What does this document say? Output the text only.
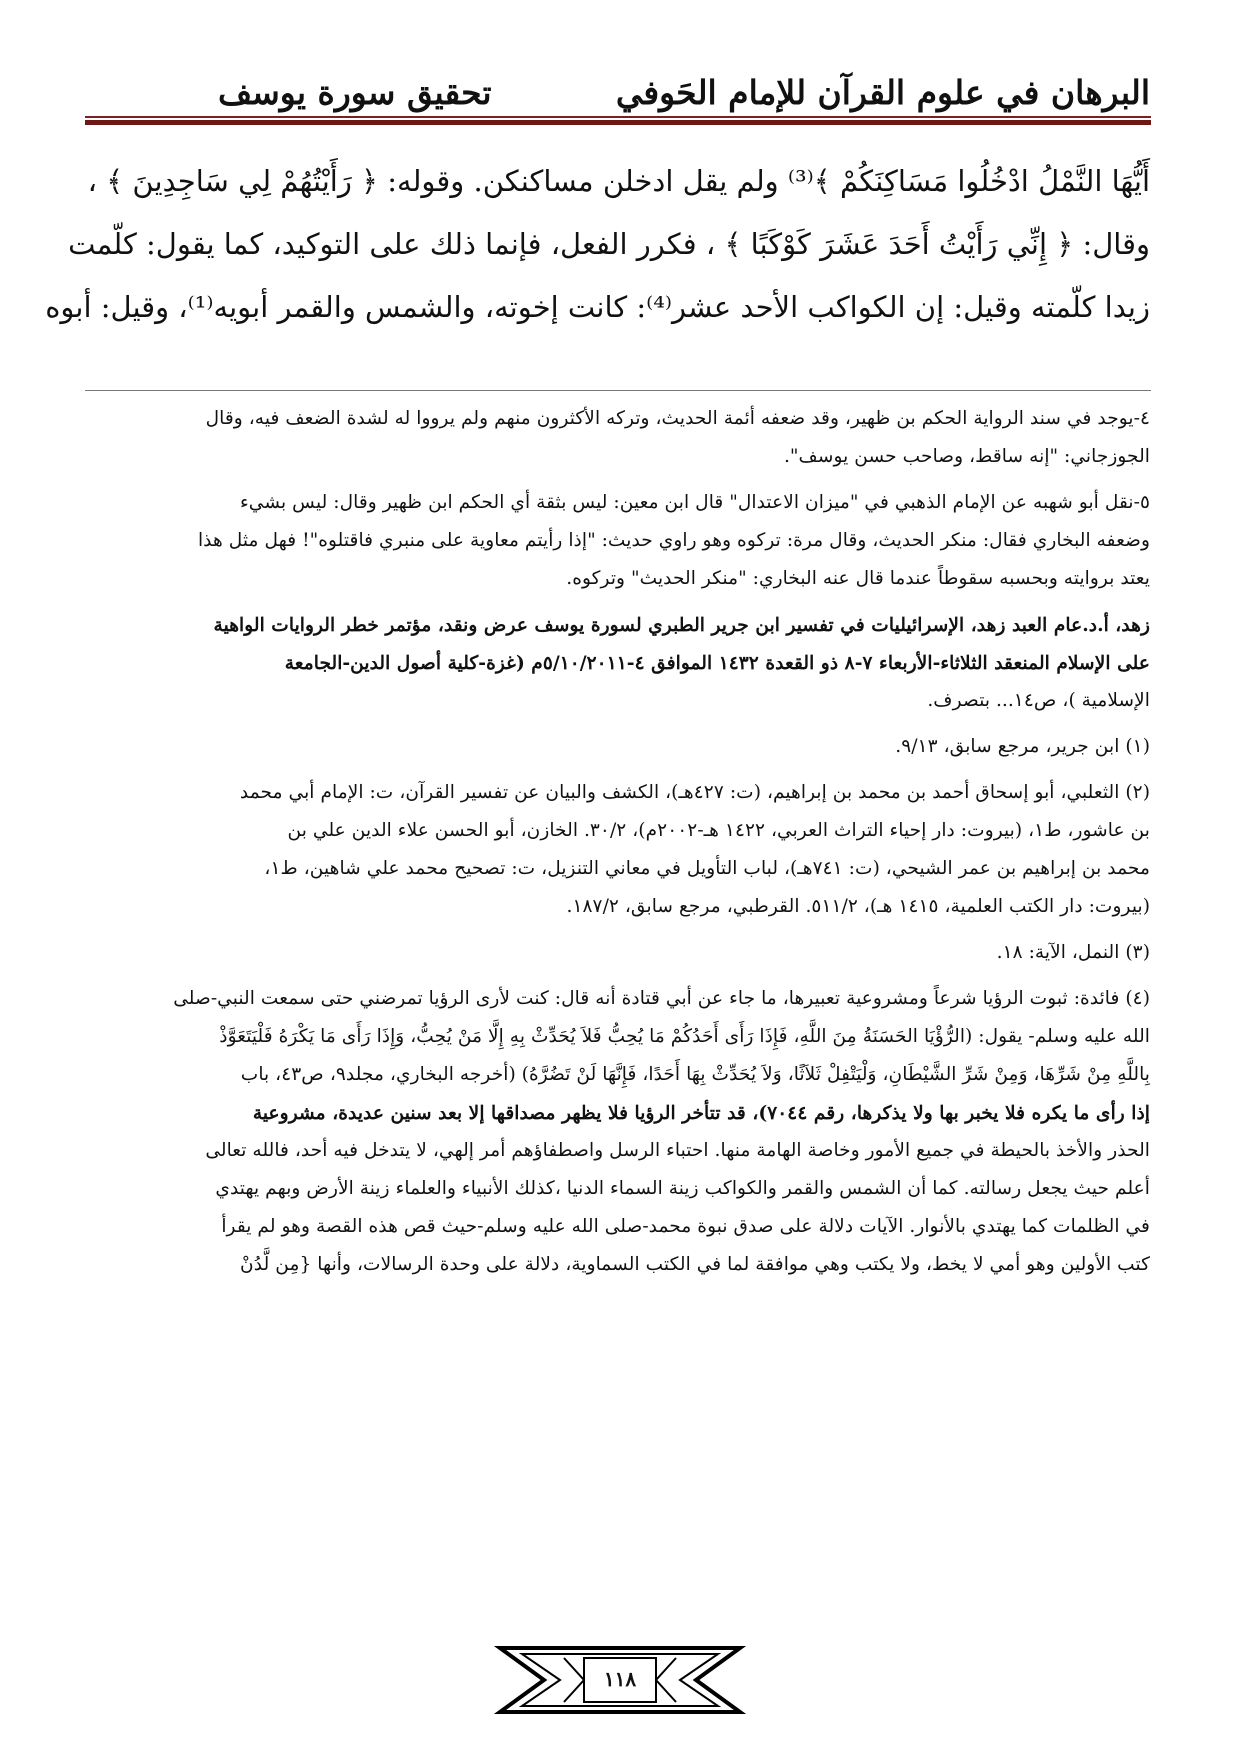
البرهان في علوم القرآن للإمام الحَوفي
تحقيق سورة يوسف
أَيُّهَا النَّمْلُ ادْخُلُوا مَسَاكِنَكُمْ ﴾⁽³⁾ ولم يقل ادخلن مساكنكن. وقوله: ﴿ رَأَيْتُهُمْ لِي سَاجِدِينَ ﴾ ،
وقال: ﴿ إِنِّي رَأَيْتُ أَحَدَ عَشَرَ كَوْكَبًا ﴾ ، فكرر الفعل، فإنما ذلك على التوكيد، كما يقول: كلّمت
زيدا كلّمته وقيل: إن الكواكب الأحد عشر⁽⁴⁾: كانت إخوته، والشمس والقمر أبويه⁽¹⁾، وقيل: أبوه
٤-يوجد في سند الرواية الحكم بن ظهير، وقد ضعفه أئمة الحديث، وتركه الأكثرون منهم ولم يرووا له لشدة الضعف فيه، وقال
الجوزجاني: "إنه ساقط، وصاحب حسن يوسف".
٥-نقل أبو شهبه عن الإمام الذهبي في "ميزان الاعتدال" قال ابن معين: ليس بثقة أي الحكم ابن ظهير وقال: ليس بشيء
وضعفه البخاري فقال: منكر الحديث، وقال مرة: تركوه وهو راوي حديث: "إذا رأيتم معاوية على منبري فاقتلوه"! فهل مثل هذا
يعتد بروايته وبحسبه سقوطاً عندما قال عنه البخاري: "منكر الحديث" وتركوه.
زهد، أ.د.عام العبد زهد، الإسرائيليات في تفسير ابن جرير الطبري لسورة يوسف عرض ونقد، مؤتمر خطر الروايات الواهية
على الإسلام المنعقد الثلاثاء-الأربعاء ٧-٨ ذو القعدة ١٤٣٢ الموافق ٤-٥/١٠/٢٠١١م (غزة-كلية أصول الدين-الجامعة
الإسلامية )، ص١٤... بتصرف.
(١) ابن جرير، مرجع سابق، ٩/١٣.
(٢) الثعلبي، أبو إسحاق أحمد بن محمد بن إبراهيم، (ت: ٤٢٧هـ)، الكشف والبيان عن تفسير القرآن، ت: الإمام أبي محمد
بن عاشور، ط١، (بيروت: دار إحياء التراث العربي، ١٤٢٢ هـ-٢٠٠٢م)، ٣٠/٢. الخازن، أبو الحسن علاء الدين علي بن
محمد بن إبراهيم بن عمر الشيحي، (ت: ٧٤١هـ)، لباب التأويل في معاني التنزيل، ت: تصحيح محمد علي شاهين، ط١،
(بيروت: دار الكتب العلمية، ١٤١٥ هـ)، ٥١١/٢. القرطبي، مرجع سابق، ١٨٧/٢.
(٣) النمل، الآية: ١٨.
(٤) فائدة: ثبوت الرؤيا شرعاً ومشروعية تعبيرها، ما جاء عن أبي قتادة أنه قال: كنت لأرى الرؤيا تمرضني حتى سمعت النبي-صلى
الله عليه وسلم- يقول: (الرُّؤْيَا الحَسَنَةُ مِنَ اللَّهِ، فَإِذَا رَأَى أَحَدُكُمْ مَا يُحِبُّ فَلاَ يُحَدِّثْ بِهِ إِلَّا مَنْ يُحِبُّ، وَإِذَا رَأَى مَا يَكْرَهُ فَلْيَتَعَوَّذْ
بِاللَّهِ مِنْ شَرِّهَا، وَمِنْ شَرِّ الشَّيْطَانِ، وَلْيَتْفِلْ ثَلاَثًا، وَلاَ يُحَدِّثْ بِهَا أَحَدًا، فَإِنَّهَا لَنْ تَضُرَّهُ) (أخرجه البخاري، مجلد٩، ص٤٣، باب
إذا رأى ما يكره فلا يخبر بها ولا يذكرها، رقم ٧٠٤٤)، قد تتأخر الرؤيا فلا يظهر مصداقها إلا بعد سنين عديدة، مشروعية
الحذر والأخذ بالحيطة في جميع الأمور وخاصة الهامة منها. احتباء الرسل واصطفاؤهم أمر إلهي، لا يتدخل فيه أحد، فالله تعالى
أعلم حيث يجعل رسالته. كما أن الشمس والقمر والكواكب زينة السماء الدنيا ،كذلك الأنبياء والعلماء زينة الأرض وبهم يهتدي
في الظلمات كما يهتدي بالأنوار. الآيات دلالة على صدق نبوة محمد-صلى الله عليه وسلم-حيث قص هذه القصة وهو لم يقرأ
كتب الأولين وهو أمي لا يخط، ولا يكتب وهي موافقة لما في الكتب السماوية، دلالة على وحدة الرسالات، وأنها {مِن لَّدُنْ
١١٨
